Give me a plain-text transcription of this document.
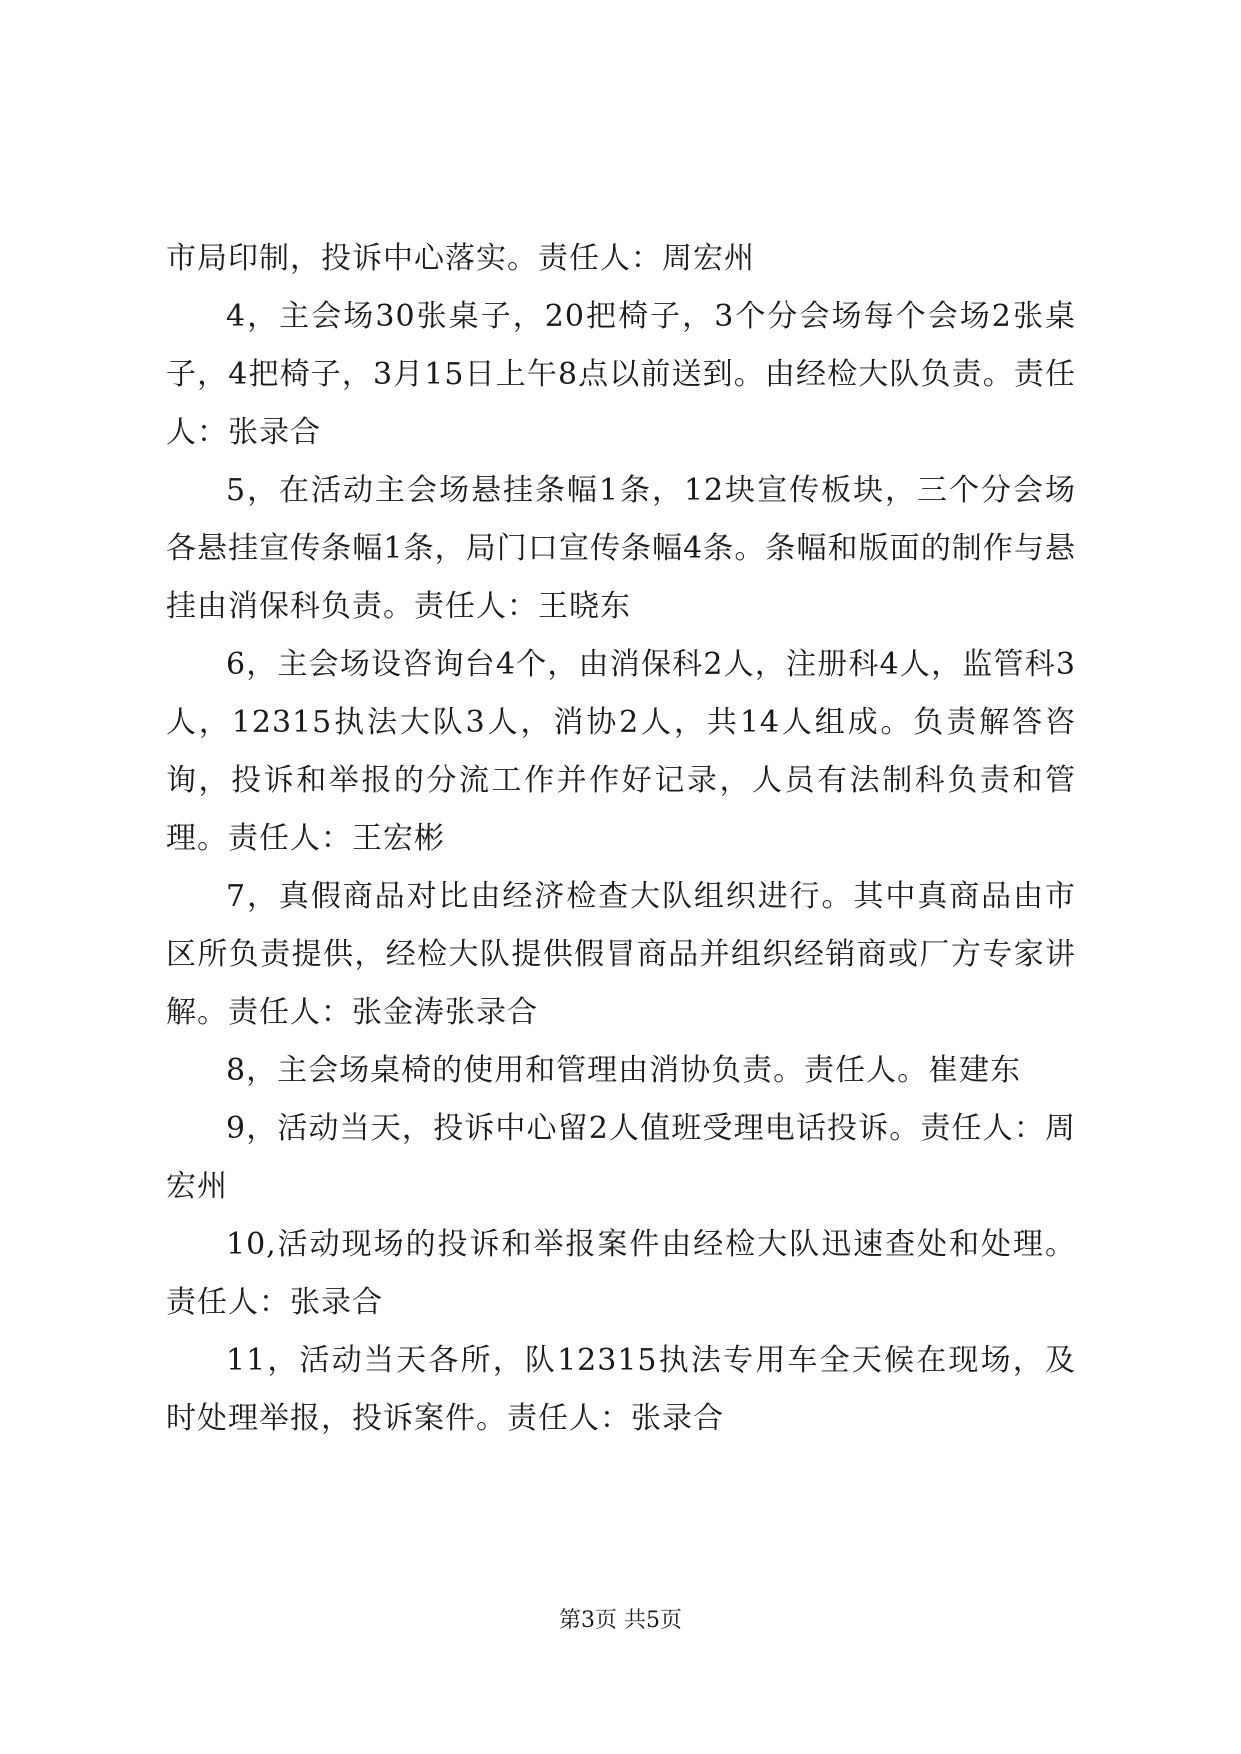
市局印制，投诉中心落实。责任人：周宏州

4，主会场30张桌子，20把椅子，3个分会场每个会场2张桌子，4把椅子，3月15日上午8点以前送到。由经检大队负责。责任人：张录合

5，在活动主会场悬挂条幅1条，12块宣传板块，三个分会场各悬挂宣传条幅1条，局门口宣传条幅4条。条幅和版面的制作与悬挂由消保科负责。责任人：王晓东

6，主会场设咨询台4个，由消保科2人，注册科4人，监管科3人，12315执法大队3人，消协2人，共14人组成。负责解答咨询，投诉和举报的分流工作并作好记录，人员有法制科负责和管理。责任人：王宏彬

7，真假商品对比由经济检查大队组织进行。其中真商品由市区所负责提供，经检大队提供假冒商品并组织经销商或厂方专家讲解。责任人：张金涛张录合

8，主会场桌椅的使用和管理由消协负责。责任人。崔建东

9，活动当天，投诉中心留2人值班受理电话投诉。责任人：周宏州

10,活动现场的投诉和举报案件由经检大队迅速查处和处理。责任人：张录合

11，活动当天各所，队12315执法专用车全天候在现场，及时处理举报，投诉案件。责任人：张录合

第3页 共5页
